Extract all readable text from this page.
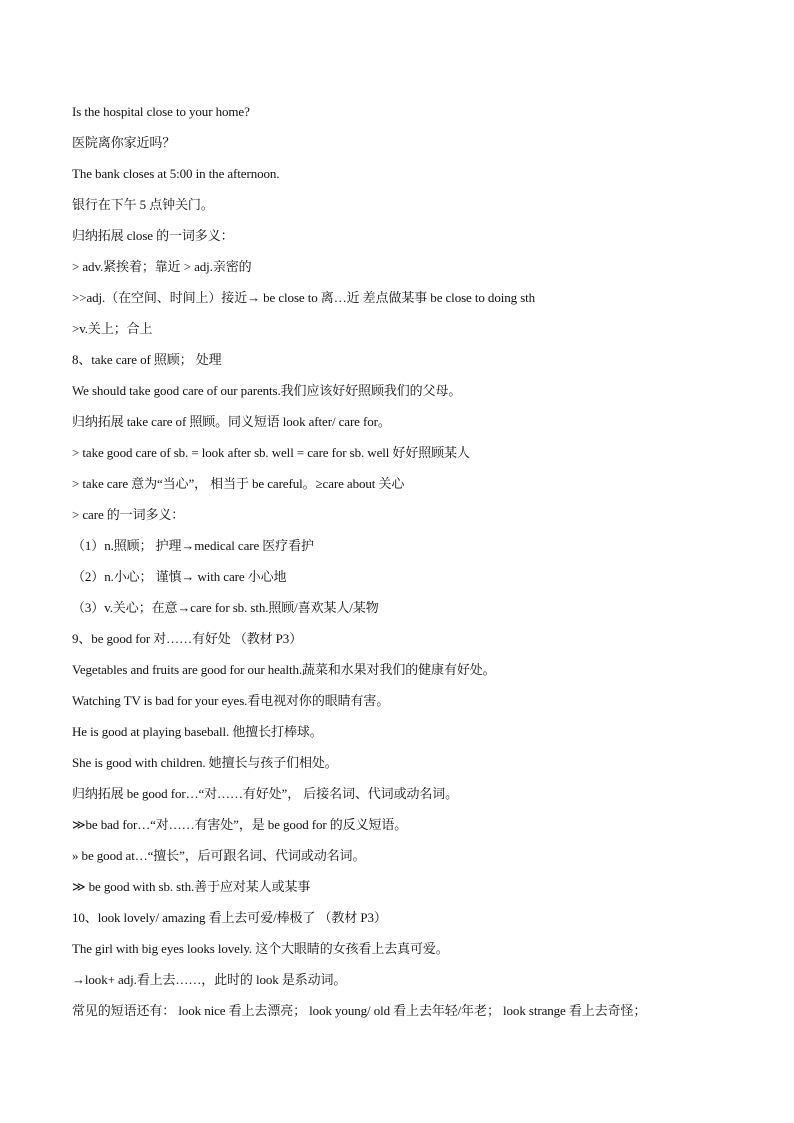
Is the hospital close to your home?
医院离你家近吗？
The bank closes at 5:00 in the afternoon.
银行在下午 5 点钟关门。
归纳拓展 close 的一词多义：
> adv.紧挨着；靠近 > adj.亲密的
>>adj.（在空间、时间上）接近→ be close to 离…近 差点做某事 be close to doing sth
>v.关上；合上
8、take care of 照顾； 处理
We should take good care of our parents.我们应该好好照顾我们的父母。
归纳拓展 take care of 照顾。同义短语 look after/ care for。
> take good care of sb. = look after sb. well = care for sb. well 好好照顾某人
> take care 意为“当心”， 相当于 be careful。≥care about 关心
> care 的一词多义：
（1）n.照顾； 护理→medical care 医疗看护
（2）n.小心； 谨慎→ with care 小心地
（3）v.关心；在意→care for sb. sth.照顾/喜欢某人/某物
9、be good for 对……有好处 （教材 P3）
Vegetables and fruits are good for our health.蔬菜和水果对我们的健康有好处。
Watching TV is bad for your eyes.看电视对你的眼睛有害。
He is good at playing baseball. 他擅长打棒球。
She is good with children. 她擅长与孩子们相处。
归纳拓展 be good for…“对……有好处”， 后接名词、代词或动名词。
≫be bad for…“对……有害处”，是 be good for 的反义短语。
» be good at…“擅长”，后可跟名词、代词或动名词。
≫ be good with sb. sth.善于应对某人或某事
10、look lovely/ amazing 看上去可爱/棒极了 （教材 P3）
The girl with big eyes looks lovely. 这个大眼睛的女孩看上去真可爱。
→look+ adj.看上去……，此时的 look 是系动词。
常见的短语还有： look nice 看上去漂亮； look young/ old 看上去年轻/年老； look strange 看上去奇怪；
